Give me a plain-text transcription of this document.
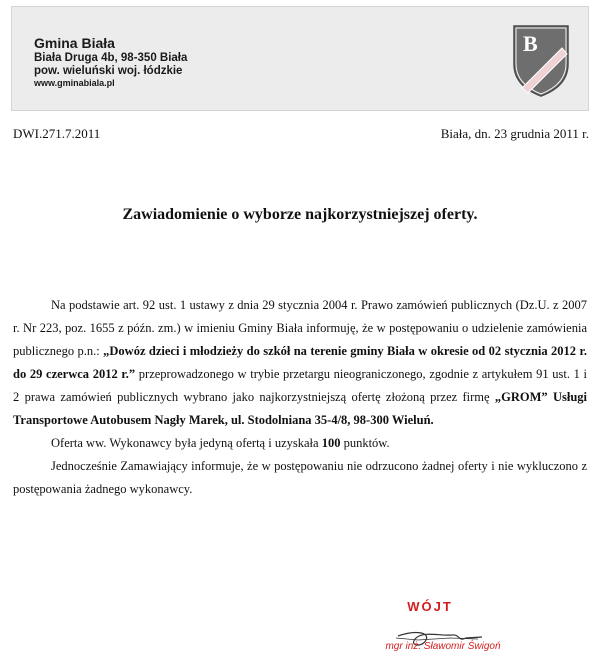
Gmina Biała
Biała Druga 4b, 98-350 Biała
pow. wieluński woj. łódzkie
www.gminabiala.pl
B
DWI.271.7.2011	Biała, dn. 23 grudnia 2011 r.
Zawiadomienie o wyborze najkorzystniejszej oferty.

Na podstawie art. 92 ust. 1 ustawy z dnia 29 stycznia 2004 r. Prawo zamówień publicznych (Dz.U. z 2007 r. Nr 223, poz. 1655 z późn. zm.) w imieniu Gminy Biała informuję, że w postępowaniu o udzielenie zamówienia publicznego p.n.: „Dowóz dzieci i młodzieży do szkół na terenie gminy Biała w okresie od 02 stycznia 2012 r. do 29 czerwca 2012 r.” przeprowadzonego w trybie przetargu nieograniczonego, zgodnie z artykułem 91 ust. 1 i 2 prawa zamówień publicznych wybrano jako najkorzystniejszą ofertę złożoną przez firmę „GROM” Usługi Transportowe Autobusem Nagły Marek, ul. Stodolniana 35-4/8, 98-300 Wieluń.

Oferta ww. Wykonawcy była jedyną ofertą i uzyskała 100 punktów.

Jednocześnie Zamawiający informuje, że w postępowaniu nie odrzucono żadnej oferty i nie wykluczono z postępowania żadnego wykonawcy.

WÓJT
mgr inż. Sławomir Świgoń
